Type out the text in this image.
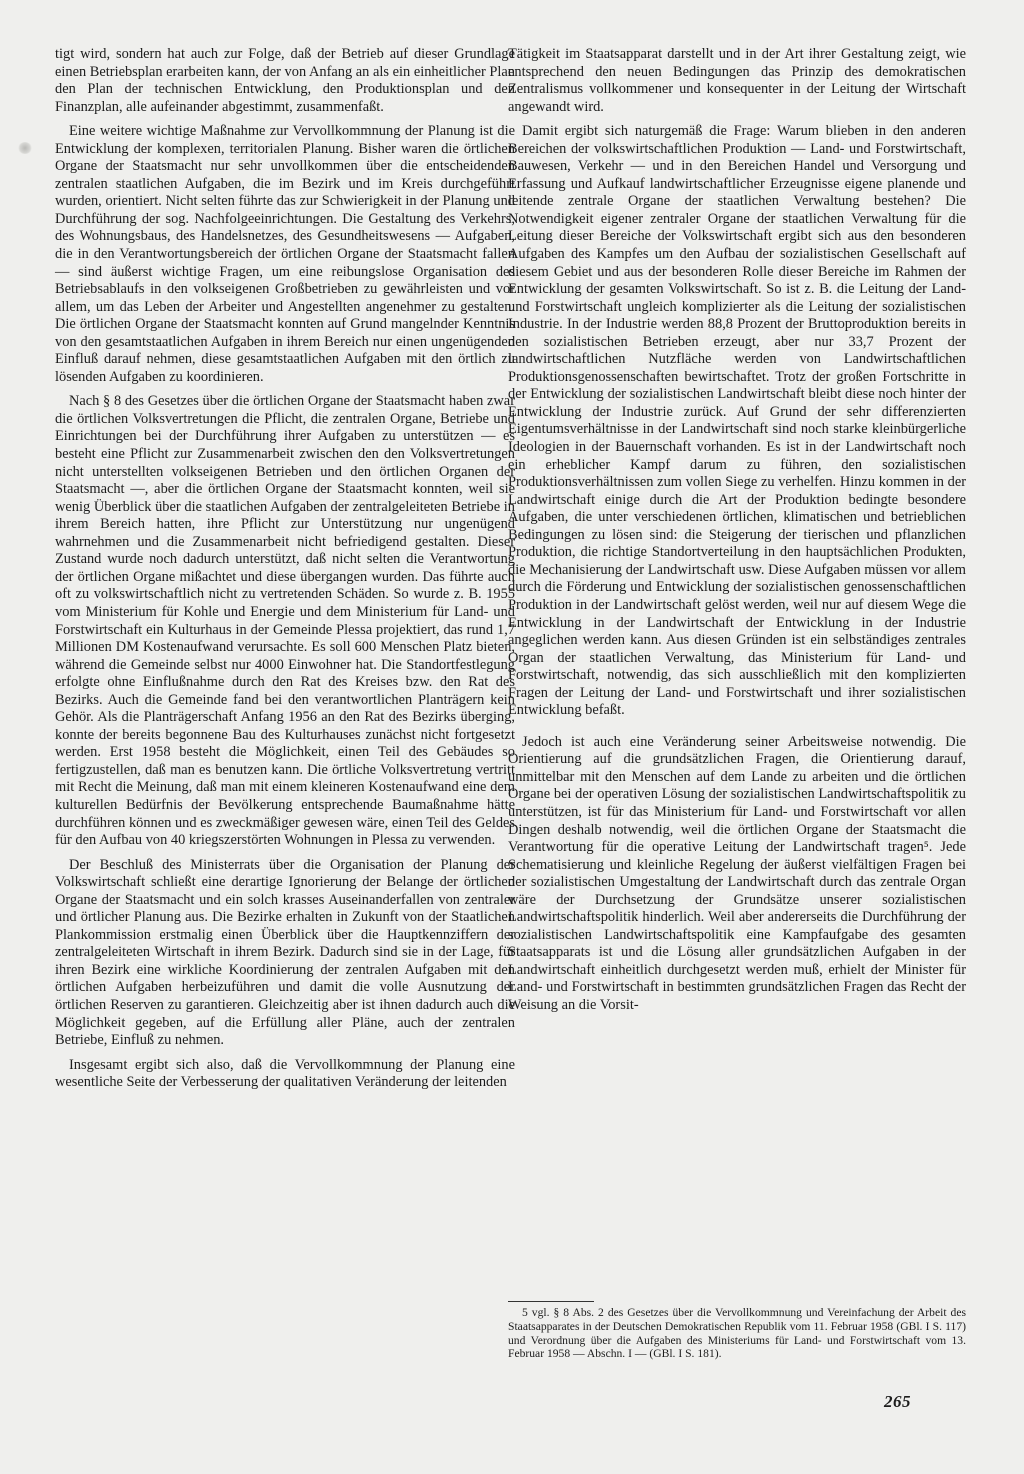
tigt wird, sondern hat auch zur Folge, daß der Betrieb auf dieser Grundlage einen Betriebsplan erarbeiten kann, der von Anfang an als ein einheitlicher Plan den Plan der technischen Entwicklung, den Produktionsplan und den Finanzplan, alle aufeinander abgestimmt, zusammenfaßt.

Eine weitere wichtige Maßnahme zur Vervollkommnung der Planung ist die Entwicklung der komplexen, territorialen Planung. Bisher waren die örtlichen Organe der Staatsmacht nur sehr unvollkommen über die entscheidenden zentralen staatlichen Aufgaben, die im Bezirk und im Kreis durchgeführt wurden, orientiert. Nicht selten führte das zur Schwierigkeit in der Planung und Durchführung der sog. Nachfolgeeinrichtungen. Die Gestaltung des Verkehrs, des Wohnungsbaus, des Handelsnetzes, des Gesundheitswesens — Aufgaben, die in den Verantwortungsbereich der örtlichen Organe der Staatsmacht fallen — sind äußerst wichtige Fragen, um eine reibungslose Organisation des Betriebsablaufs in den volkseigenen Großbetrieben zu gewährleisten und vor allem, um das Leben der Arbeiter und Angestellten angenehmer zu gestalten. Die örtlichen Organe der Staatsmacht konnten auf Grund mangelnder Kenntnis von den gesamtstaatlichen Aufgaben in ihrem Bereich nur einen ungenügenden Einfluß darauf nehmen, diese gesamtstaatlichen Aufgaben mit den örtlich zu lösenden Aufgaben zu koordinieren.

Nach § 8 des Gesetzes über die örtlichen Organe der Staatsmacht haben zwar die örtlichen Volksvertretungen die Pflicht, die zentralen Organe, Betriebe und Einrichtungen bei der Durchführung ihrer Aufgaben zu unterstützen — es besteht eine Pflicht zur Zusammenarbeit zwischen den den Volksvertretungen nicht unterstellten volkseigenen Betrieben und den örtlichen Organen der Staatsmacht —, aber die örtlichen Organe der Staatsmacht konnten, weil sie wenig Überblick über die staatlichen Aufgaben der zentralgeleiteten Betriebe in ihrem Bereich hatten, ihre Pflicht zur Unterstützung nur ungenügend wahrnehmen und die Zusammenarbeit nicht befriedigend gestalten. Dieser Zustand wurde noch dadurch unterstützt, daß nicht selten die Verantwortung der örtlichen Organe mißachtet und diese übergangen wurden. Das führte auch oft zu volkswirtschaftlich nicht zu vertretenden Schäden. So wurde z. B. 1955 vom Ministerium für Kohle und Energie und dem Ministerium für Land- und Forstwirtschaft ein Kulturhaus in der Gemeinde Plessa projektiert, das rund 1,7 Millionen DM Kostenaufwand verursachte. Es soll 600 Menschen Platz bieten, während die Gemeinde selbst nur 4000 Einwohner hat. Die Standortfestlegung erfolgte ohne Einflußnahme durch den Rat des Kreises bzw. den Rat des Bezirks. Auch die Gemeinde fand bei den verantwortlichen Planträgern kein Gehör. Als die Planträgerschaft Anfang 1956 an den Rat des Bezirks überging, konnte der bereits begonnene Bau des Kulturhauses zunächst nicht fortgesetzt werden. Erst 1958 besteht die Möglichkeit, einen Teil des Gebäudes so fertigzustellen, daß man es benutzen kann. Die örtliche Volksvertretung vertritt mit Recht die Meinung, daß man mit einem kleineren Kostenaufwand eine dem kulturellen Bedürfnis der Bevölkerung entsprechende Baumaßnahme hätte durchführen können und es zweckmäßiger gewesen wäre, einen Teil des Geldes für den Aufbau von 40 kriegszerstörten Wohnungen in Plessa zu verwenden.

Der Beschluß des Ministerrats über die Organisation der Planung der Volkswirtschaft schließt eine derartige Ignorierung der Belange der örtlichen Organe der Staatsmacht und ein solch krasses Auseinanderfallen von zentraler und örtlicher Planung aus. Die Bezirke erhalten in Zukunft von der Staatlichen Plankommission erstmalig einen Überblick über die Hauptkennziffern der zentralgeleiteten Wirtschaft in ihrem Bezirk. Dadurch sind sie in der Lage, für ihren Bezirk eine wirkliche Koordinierung der zentralen Aufgaben mit den örtlichen Aufgaben herbeizuführen und damit die volle Ausnutzung der örtlichen Reserven zu garantieren. Gleichzeitig aber ist ihnen dadurch auch die Möglichkeit gegeben, auf die Erfüllung aller Pläne, auch der zentralen Betriebe, Einfluß zu nehmen.

Insgesamt ergibt sich also, daß die Vervollkommnung der Planung eine wesentliche Seite der Verbesserung der qualitativen Veränderung der leitenden

Tätigkeit im Staatsapparat darstellt und in der Art ihrer Gestaltung zeigt, wie entsprechend den neuen Bedingungen das Prinzip des demokratischen Zentralismus vollkommener und konsequenter in der Leitung der Wirtschaft angewandt wird.

Damit ergibt sich naturgemäß die Frage: Warum blieben in den anderen Bereichen der volkswirtschaftlichen Produktion — Land- und Forstwirtschaft, Bauwesen, Verkehr — und in den Bereichen Handel und Versorgung und Erfassung und Aufkauf landwirtschaftlicher Erzeugnisse eigene planende und leitende zentrale Organe der staatlichen Verwaltung bestehen? Die Notwendigkeit eigener zentraler Organe der staatlichen Verwaltung für die Leitung dieser Bereiche der Volkswirtschaft ergibt sich aus den besonderen Aufgaben des Kampfes um den Aufbau der sozialistischen Gesellschaft auf diesem Gebiet und aus der besonderen Rolle dieser Bereiche im Rahmen der Entwicklung der gesamten Volkswirtschaft. So ist z. B. die Leitung der Land- und Forstwirtschaft ungleich komplizierter als die Leitung der sozialistischen Industrie. In der Industrie werden 88,8 Prozent der Bruttoproduktion bereits in den sozialistischen Betrieben erzeugt, aber nur 33,7 Prozent der landwirtschaftlichen Nutzfläche werden von Landwirtschaftlichen Produktionsgenossenschaften bewirtschaftet. Trotz der großen Fortschritte in der Entwicklung der sozialistischen Landwirtschaft bleibt diese noch hinter der Entwicklung der Industrie zurück. Auf Grund der sehr differenzierten Eigentumsverhältnisse in der Landwirtschaft sind noch starke kleinbürgerliche Ideologien in der Bauernschaft vorhanden. Es ist in der Landwirtschaft noch ein erheblicher Kampf darum zu führen, den sozialistischen Produktionsverhältnissen zum vollen Siege zu verhelfen. Hinzu kommen in der Landwirtschaft einige durch die Art der Produktion bedingte besondere Aufgaben, die unter verschiedenen örtlichen, klimatischen und betrieblichen Bedingungen zu lösen sind: die Steigerung der tierischen und pflanzlichen Produktion, die richtige Standortverteilung in den hauptsächlichen Produkten, die Mechanisierung der Landwirtschaft usw. Diese Aufgaben müssen vor allem durch die Förderung und Entwicklung der sozialistischen genossenschaftlichen Produktion in der Landwirtschaft gelöst werden, weil nur auf diesem Wege die Entwicklung in der Landwirtschaft der Entwicklung in der Industrie angeglichen werden kann. Aus diesen Gründen ist ein selbständiges zentrales Organ der staatlichen Verwaltung, das Ministerium für Land- und Forstwirtschaft, notwendig, das sich ausschließlich mit den komplizierten Fragen der Leitung der Land- und Forstwirtschaft und ihrer sozialistischen Entwicklung befaßt.

Jedoch ist auch eine Veränderung seiner Arbeitsweise notwendig. Die Orientierung auf die grundsätzlichen Fragen, die Orientierung darauf, unmittelbar mit den Menschen auf dem Lande zu arbeiten und die örtlichen Organe bei der operativen Lösung der sozialistischen Landwirtschaftspolitik zu unterstützen, ist für das Ministerium für Land- und Forstwirtschaft vor allen Dingen deshalb notwendig, weil die örtlichen Organe der Staatsmacht die Verantwortung für die operative Leitung der Landwirtschaft tragen⁵. Jede Schematisierung und kleinliche Regelung der äußerst vielfältigen Fragen bei der sozialistischen Umgestaltung der Landwirtschaft durch das zentrale Organ wäre der Durchsetzung der Grundsätze unserer sozialistischen Landwirtschaftspolitik hinderlich. Weil aber andererseits die Durchführung der sozialistischen Landwirtschaftspolitik eine Kampfaufgabe des gesamten Staatsapparats ist und die Lösung aller grundsätzlichen Aufgaben in der Landwirtschaft einheitlich durchgesetzt werden muß, erhielt der Minister für Land- und Forstwirtschaft in bestimmten grundsätzlichen Fragen das Recht der Weisung an die Vorsit-

5 vgl. § 8 Abs. 2 des Gesetzes über die Vervollkommnung und Vereinfachung der Arbeit des Staatsapparates in der Deutschen Demokratischen Republik vom 11. Februar 1958 (GBl. I S. 117) und Verordnung über die Aufgaben des Ministeriums für Land- und Forstwirtschaft vom 13. Februar 1958 — Abschn. I — (GBl. I S. 181).

265
